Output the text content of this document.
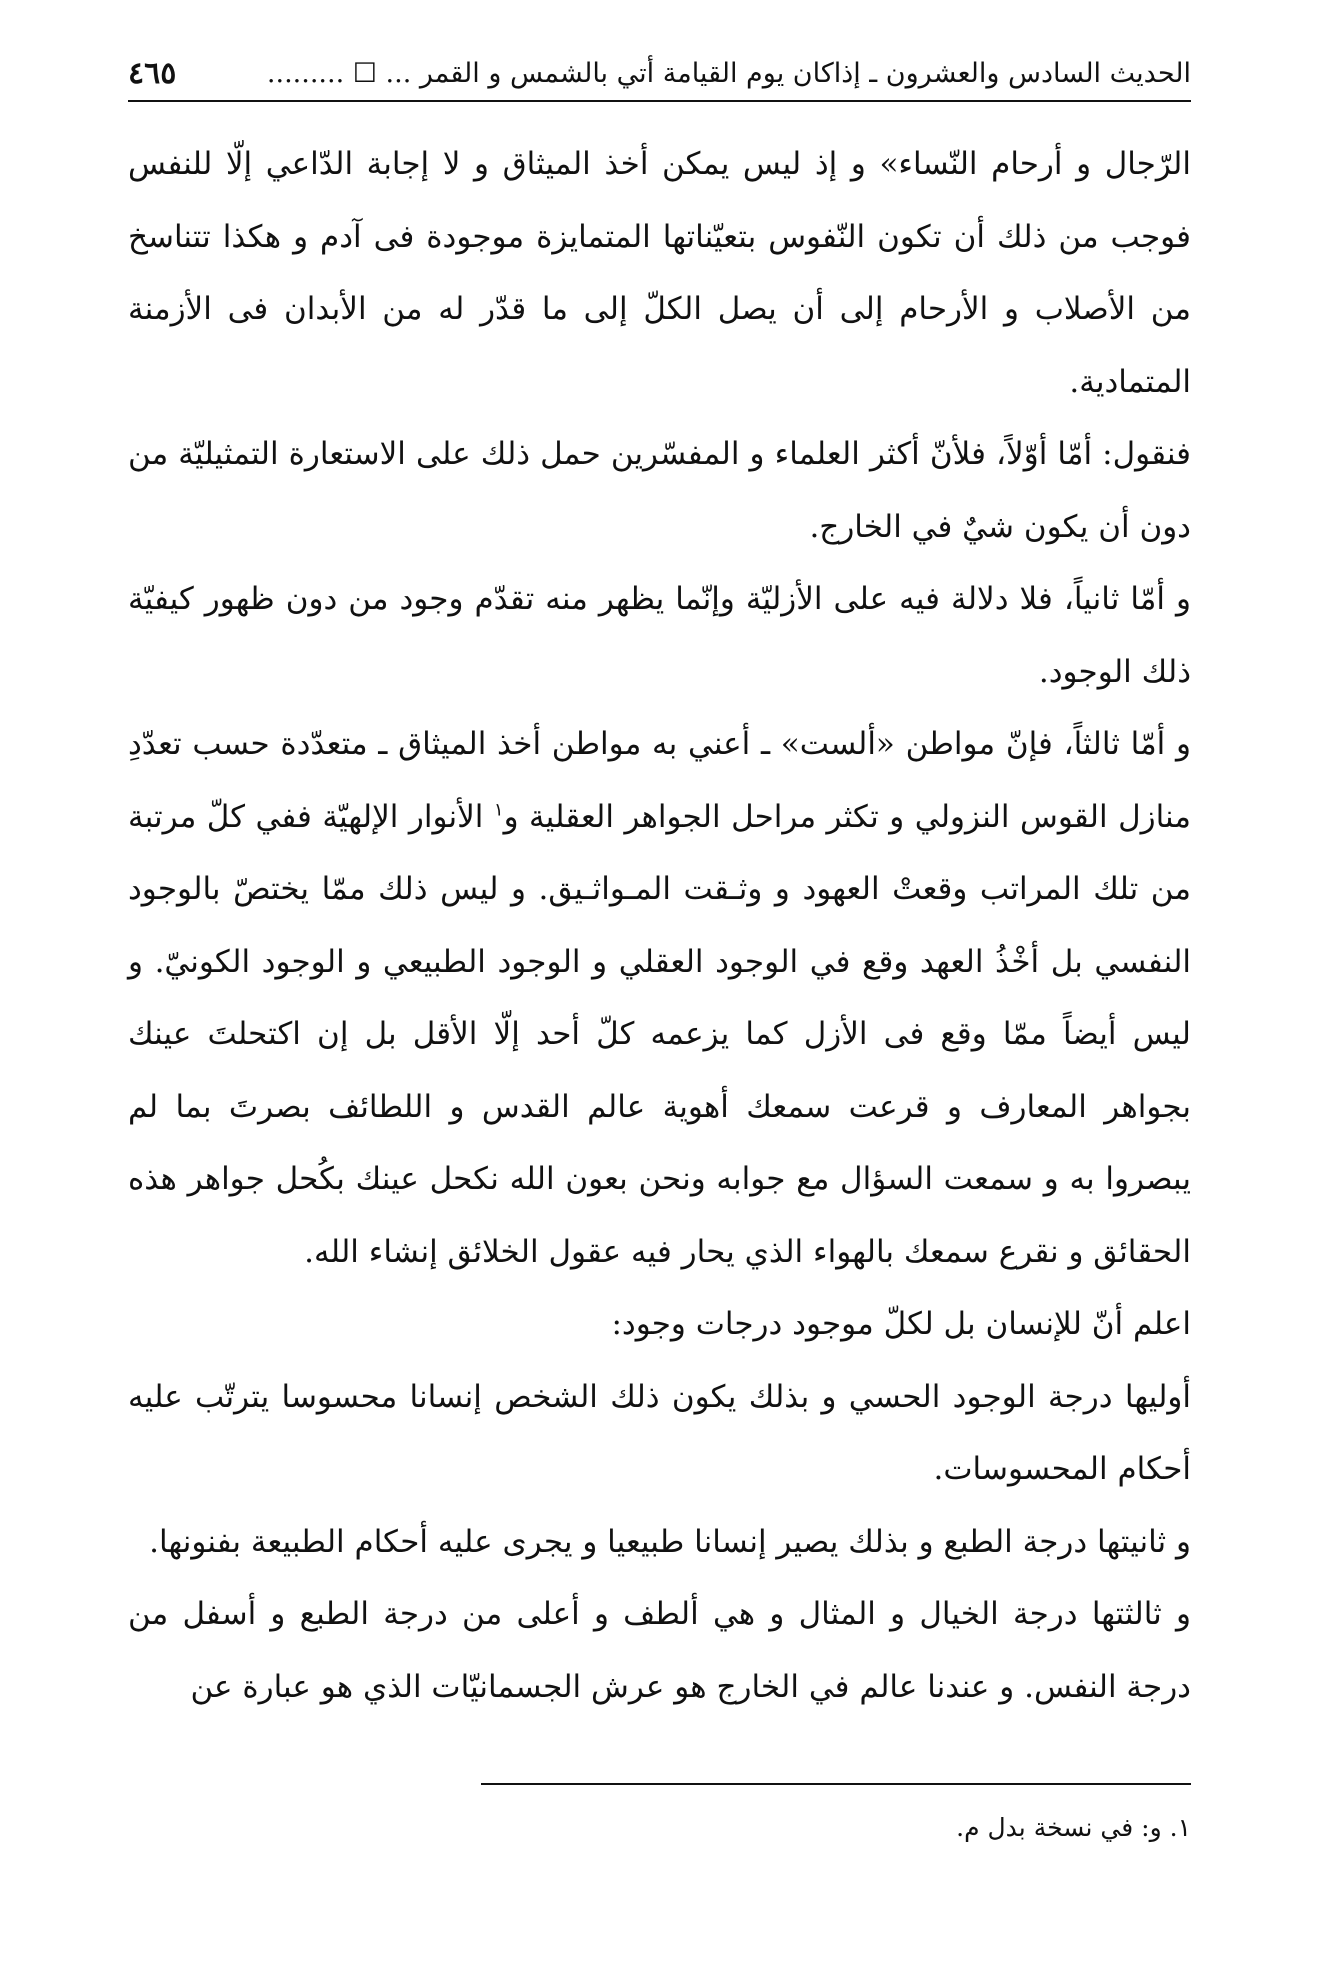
الحديث السادس والعشرون ـ إذاكان يوم القيامة أتي بالشمس و القمر ... ☐ .........
٤٦٥

الرّجال و أرحام النّساء» و إذ ليس يمكن أخذ الميثاق و لا إجابة الدّاعي إلّا للنفس فوجب من ذلك أن تكون النّفوس بتعيّناتها المتمايزة موجودة فى آدم و هكذا تتناسخ من الأصلاب و الأرحام إلى أن يصل الكلّ إلى ما قدّر له من الأبدان فى الأزمنة المتمادية.

فنقول: أمّا أوّلاً، فلأنّ أكثر العلماء و المفسّرين حمل ذلك على الاستعارة التمثيليّة من دون أن يكون شيٌ في الخارج.

و أمّا ثانياً، فلا دلالة فيه على الأزليّة وإنّما يظهر منه تقدّم وجود من دون ظهور كيفيّة ذلك الوجود.

و أمّا ثالثاً، فإنّ مواطن «ألست» ـ أعني به مواطن أخذ الميثاق ـ متعدّدة حسب تعدّدِ منازل القوس النزولي و تكثر مراحل الجواهر العقلية و$^١$ الأنوار الإلهيّة ففي كلّ مرتبة من تلك المراتب وقعتْ العهود و وثـقت المـواثـيق. و ليس ذلك ممّا يختصّ بالوجود النفسي بل أخْذُ العهد وقع في الوجود العقلي و الوجود الطبيعي و الوجود الكونيّ. و ليس أيضاً ممّا وقع فى الأزل كما يزعمه كلّ أحد إلّا الأقل بل إن اكتحلتَ عينك بجواهر المعارف و قرعت سمعك أهوية عالم القدس و اللطائف بصرتَ بما لم يبصروا به و سمعت السؤال مع جوابه ونحن بعون الله نكحل عينك بكُحل جواهر هذه الحقائق و نقرع سمعك بالهواء الذي يحار فيه عقول الخلائق إنشاء الله.

اعلم أنّ للإنسان بل لكلّ موجود درجات وجود:

أوليها درجة الوجود الحسي و بذلك يكون ذلك الشخص إنسانا محسوسا يترتّب عليه أحكام المحسوسات.

و ثانيتها درجة الطبع و بذلك يصير إنسانا طبيعيا و يجرى عليه أحكام الطبيعة بفنونها.

و ثالثتها درجة الخيال و المثال و هي ألطف و أعلى من درجة الطبع و أسفل من درجة النفس. و عندنا عالم في الخارج هو عرش الجسمانيّات الذي هو عبارة عن

١. و: في نسخة بدل م.
